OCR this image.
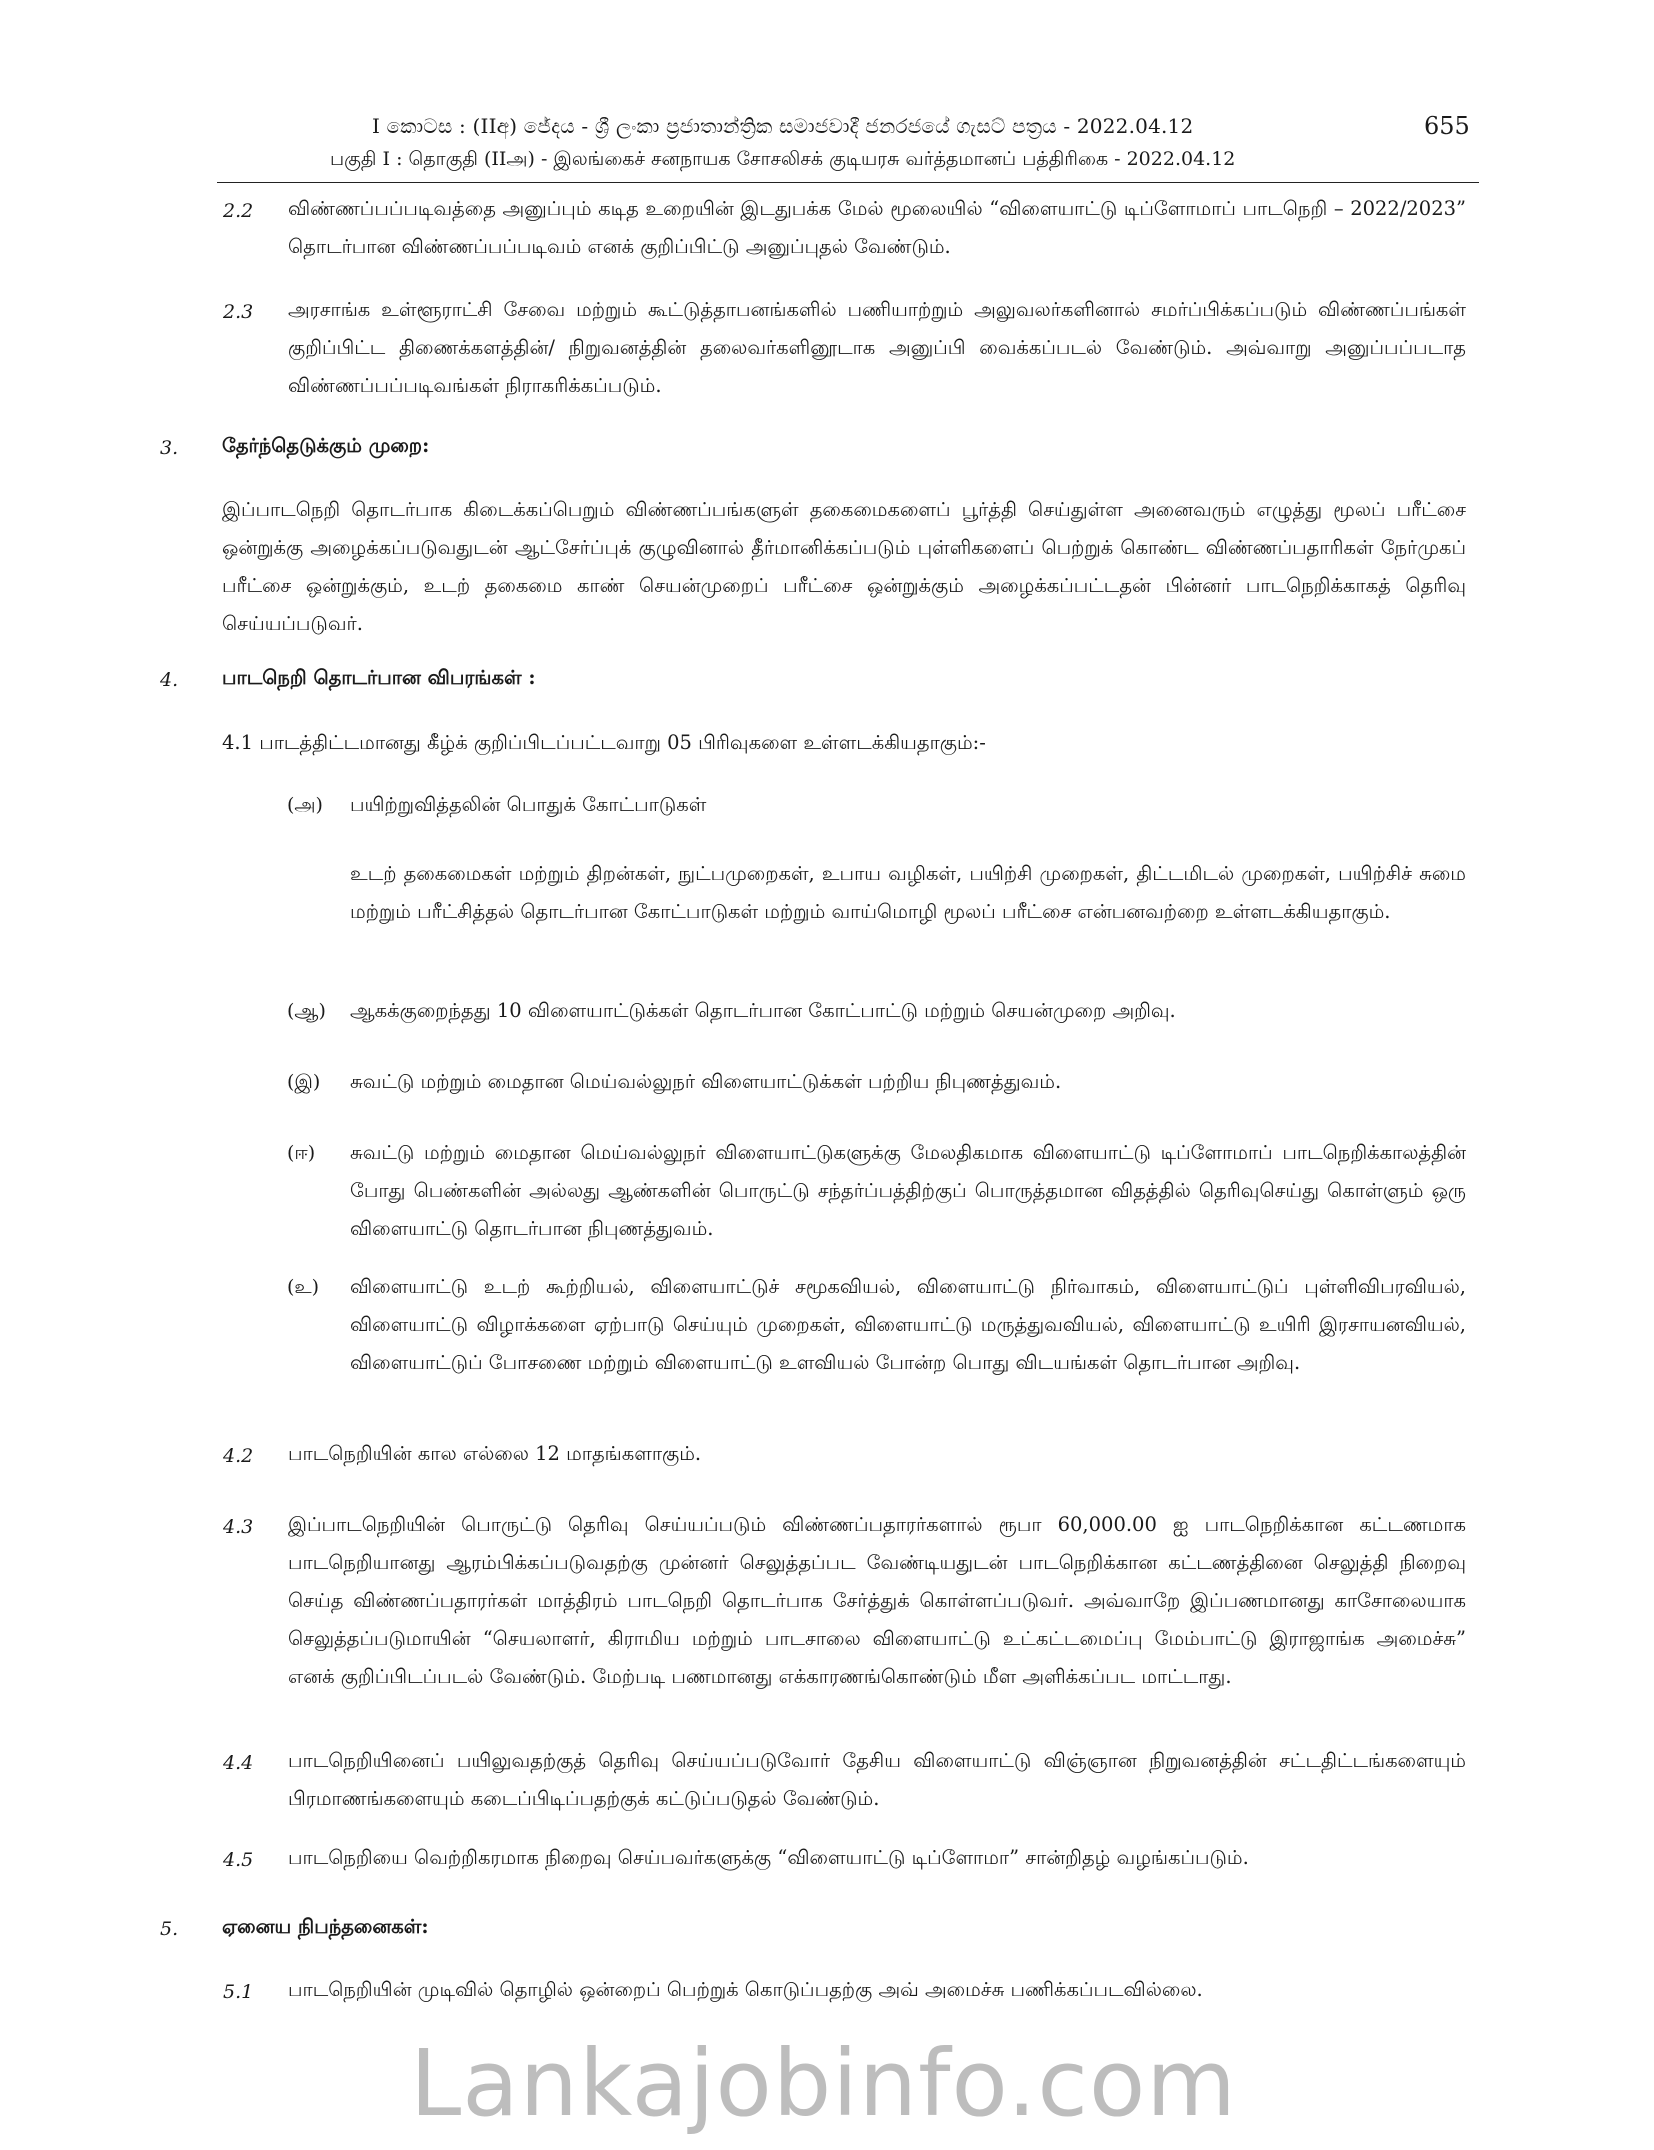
I කොටස : (IIඅ) ජේදය - ශ්‍රී ලංකා ප්‍රජාතාන්ත්‍රික සමාජවාදී ජනරජයේ ගැසට් පත්‍රය - 2022.04.12	655
பகுதி I : தொகுதி (IIஅ) - இலங்கைச் சனநாயக சோசலிசக் குடியரசு வர்த்தமானப் பத்திரிகை - 2022.04.12
2.2 விண்ணப்பப்படிவத்தை அனுப்பும் கடித உறையின் இடதுபக்க மேல் மூலையில் “விளையாட்டு டிப்ளோமாப் பாடநெறி – 2022/2023” தொடர்பான விண்ணப்பப்படிவம் எனக் குறிப்பிட்டு அனுப்புதல் வேண்டும்.
2.3 அரசாங்க உள்ளூராட்சி சேவை மற்றும் கூட்டுத்தாபனங்களில் பணியாற்றும் அலுவலர்களினால் சமர்ப்பிக்கப்படும் விண்ணப்பங்கள் குறிப்பிட்ட திணைக்களத்தின்/ நிறுவனத்தின் தலைவர்களினூடாக அனுப்பி வைக்கப்படல் வேண்டும். அவ்வாறு அனுப்பப்படாத விண்ணப்பப்படிவங்கள் நிராகரிக்கப்படும்.
3. தேர்ந்தெடுக்கும் முறை:
இப்பாடநெறி தொடர்பாக கிடைக்கப்பெறும் விண்ணப்பங்களுள் தகைமைகளைப் பூர்த்தி செய்துள்ள அனைவரும் எழுத்து மூலப் பரீட்சை ஒன்றுக்கு அழைக்கப்படுவதுடன் ஆட்சேர்ப்புக் குழுவினால் தீர்மானிக்கப்படும் புள்ளிகளைப் பெற்றுக் கொண்ட விண்ணப்பதாரிகள் நேர்முகப் பரீட்சை ஒன்றுக்கும், உடற் தகைமை காண் செயன்முறைப் பரீட்சை ஒன்றுக்கும் அழைக்கப்பட்டதன் பின்னர் பாடநெறிக்காகத் தெரிவு செய்யப்படுவர்.
4. பாடநெறி தொடர்பான விபரங்கள் :
4.1 பாடத்திட்டமானது கீழ்க் குறிப்பிடப்பட்டவாறு 05 பிரிவுகளை உள்ளடக்கியதாகும்:-
(அ) பயிற்றுவித்தலின் பொதுக் கோட்பாடுகள்
உடற் தகைமைகள் மற்றும் திறன்கள், நுட்பமுறைகள், உபாய வழிகள், பயிற்சி முறைகள், திட்டமிடல் முறைகள், பயிற்சிச் சுமை மற்றும் பரீட்சித்தல் தொடர்பான கோட்பாடுகள் மற்றும் வாய்மொழி மூலப் பரீட்சை என்பனவற்றை உள்ளடக்கியதாகும்.
(ஆ) ஆகக்குறைந்தது 10 விளையாட்டுக்கள் தொடர்பான கோட்பாட்டு மற்றும் செயன்முறை அறிவு.
(இ) சுவட்டு மற்றும் மைதான மெய்வல்லுநர் விளையாட்டுக்கள் பற்றிய நிபுணத்துவம்.
(ஈ) சுவட்டு மற்றும் மைதான மெய்வல்லுநர் விளையாட்டுகளுக்கு மேலதிகமாக விளையாட்டு டிப்ளோமாப் பாடநெறிக்காலத்தின் போது பெண்களின் அல்லது ஆண்களின் பொருட்டு சந்தர்ப்பத்திற்குப் பொருத்தமான விதத்தில் தெரிவுசெய்து கொள்ளும் ஒரு விளையாட்டு தொடர்பான நிபுணத்துவம்.
(உ) விளையாட்டு உடற் கூற்றியல், விளையாட்டுச் சமூகவியல், விளையாட்டு நிர்வாகம், விளையாட்டுப் புள்ளிவிபரவியல், விளையாட்டு விழாக்களை ஏற்பாடு செய்யும் முறைகள், விளையாட்டு மருத்துவவியல், விளையாட்டு உயிரி இரசாயனவியல், விளையாட்டுப் போசணை மற்றும் விளையாட்டு உளவியல் போன்ற பொது விடயங்கள் தொடர்பான அறிவு.
4.2 பாடநெறியின் கால எல்லை 12 மாதங்களாகும்.
4.3 இப்பாடநெறியின் பொருட்டு தெரிவு செய்யப்படும் விண்ணப்பதாரர்களால் ரூபா 60,000.00 ஐ பாடநெறிக்கான கட்டணமாக பாடநெறியானது ஆரம்பிக்கப்படுவதற்கு முன்னர் செலுத்தப்பட வேண்டியதுடன் பாடநெறிக்கான கட்டணத்தினை செலுத்தி நிறைவு செய்த விண்ணப்பதாரர்கள் மாத்திரம் பாடநெறி தொடர்பாக சேர்த்துக் கொள்ளப்படுவர். அவ்வாறே இப்பணமானது காசோலையாக செலுத்தப்படுமாயின் “செயலாளர், கிராமிய மற்றும் பாடசாலை விளையாட்டு உட்கட்டமைப்பு மேம்பாட்டு இராஜாங்க அமைச்சு” எனக் குறிப்பிடப்படல் வேண்டும். மேற்படி பணமானது எக்காரணங்கொண்டும் மீள அளிக்கப்பட மாட்டாது.
4.4 பாடநெறியினைப் பயிலுவதற்குத் தெரிவு செய்யப்படுவோர் தேசிய விளையாட்டு விஞ்ஞான நிறுவனத்தின் சட்டதிட்டங்களையும் பிரமாணங்களையும் கடைப்பிடிப்பதற்குக் கட்டுப்படுதல் வேண்டும்.
4.5 பாடநெறியை வெற்றிகரமாக நிறைவு செய்பவர்களுக்கு “விளையாட்டு டிப்ளோமா” சான்றிதழ் வழங்கப்படும்.
5. ஏனைய நிபந்தனைகள்:
5.1 பாடநெறியின் முடிவில் தொழில் ஒன்றைப் பெற்றுக் கொடுப்பதற்கு அவ் அமைச்சு பணிக்கப்படவில்லை.
Lankajobinfo.com
